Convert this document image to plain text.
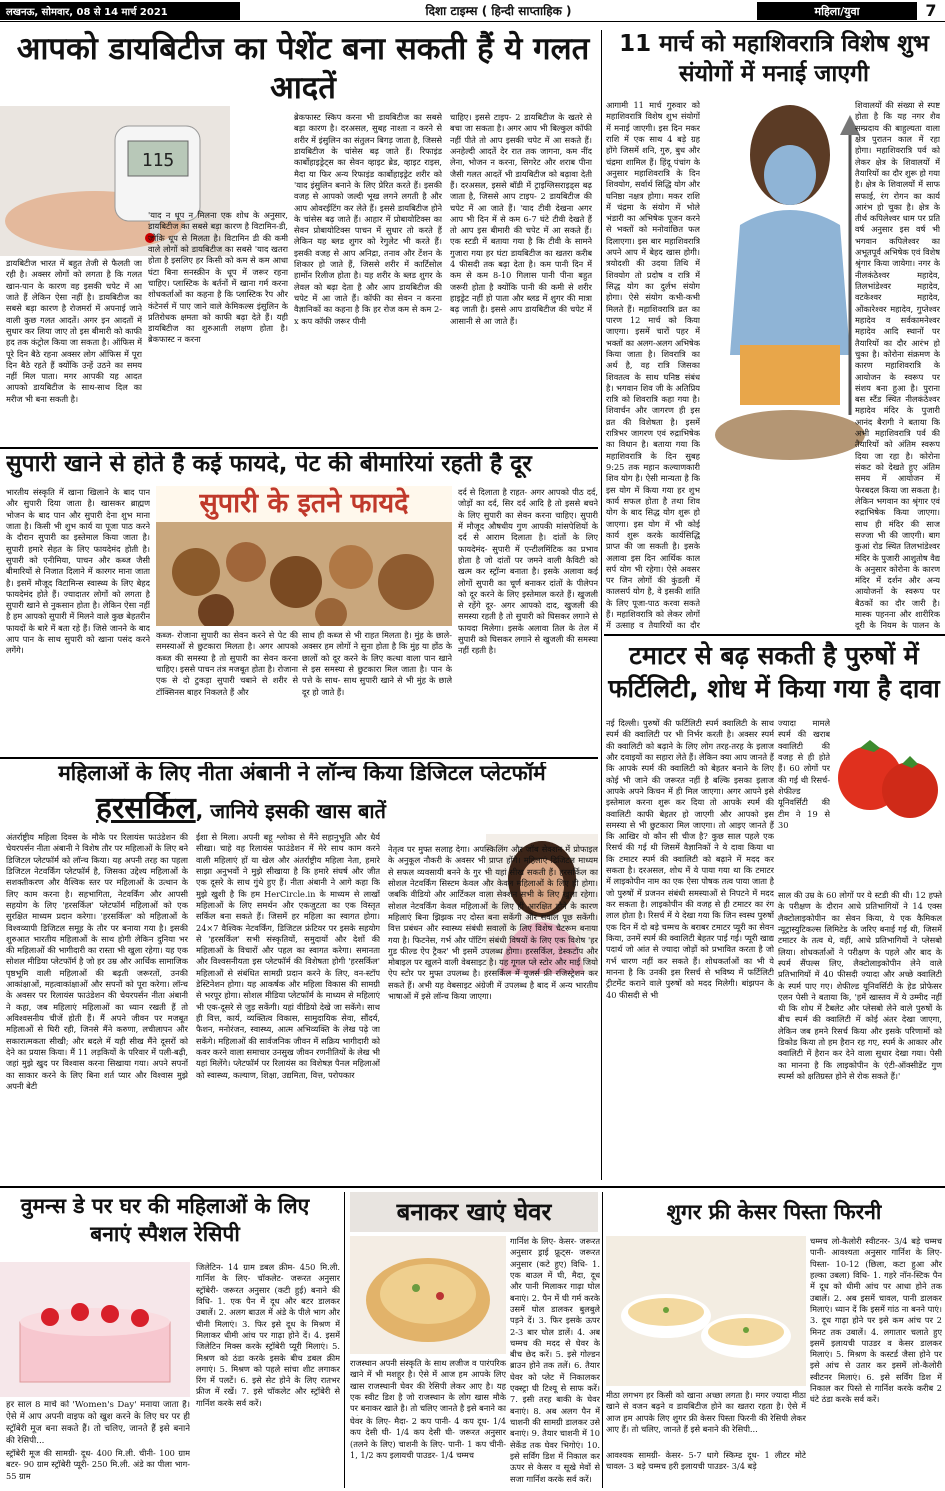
लखनऊ, सोमवार, 08 से 14 मार्च 2021	दिशा टाइम्स ( हिन्दी साप्ताहिक )	महिला/युवा	7
आपको डायबिटीज का पेशेंट बना सकती हैं ये गलत आदतें
115
डायबिटीज भारत में बहुत तेजी से फैलती जा रही है। अक्सर लोगों को लगता है कि गलत खान-पान के कारण वह इसकी चपेट में आ जाते हैं लेकिन ऐसा नहीं है। डायबिटीज का सबसे बड़ा कारण है रोजमर्रा में अपनाई जाने वाली कुछ गलत आदतें। अगर इन आदतों में सुधार कर लिया जाए तो इस बीमारी को काफी हद तक कंट्रोल किया जा सकता है। ऑफिस में पूरे दिन बैठे रहना अक्सर लोग ऑफिस में पूरा दिन बैठे रहते हैं क्योंकि उन्हें उठने का समय नहीं मिल पाता। मगर आपकी यह आदत आपको डायबिटीज के साथ-साथ दिल का मरीज भी बना सकती है।
'याद न धूप न मिलना एक शोध के अनुसार, डायबिटीज का सबसे बड़ा कारण है विटामिन-डी, जोकि धूप से मिलता है। विटामिन डी की कमी वाले लोगों को डायबिटीज का सबसे 'याद खतरा होता है इसलिए हर किसी को कम से कम आधा घंटा बिना सनस्क्रीन के धूप में जरूर रहना चाहिए। प्लास्टिक के बर्तनों में खाना गर्म करना शोधकर्ताओं का कहना है कि प्लास्टिक रैप और कंटेनर्स में पाए जाने वाले केमिकल्स इंसुलिन के प्रतिरोधक क्षमता को काफी बढ़ा देते हैं। यही डायबिटीज का शुरुआती लक्षण होता है। ब्रेकफास्ट न करना
ब्रेकफास्ट स्किप करना भी डायबिटीज का सबसे बड़ा कारण है। दरअसल, सुबह नाश्ता न करने से शरीर में इंसुलिन का संतुलन बिगड़ जाता है, जिससे डायबिटीज के चांसेस बढ़ जाते हैं। रिफाइंड कार्बोहाइड्रेट्स का सेवन व्हाइट ब्रेड, व्हाइट राइस, मैदा या फिर अन्य रिफाइंड कार्बोहाइड्रेट शरीर को 'याद इंसुलिन बनाने के लिए प्रेरित करते हैं। इसकी वजह से आपको जल्दी भूख लगने लगती है और आप ओवरईटिंग कर लेते हैं। इससे डायबिटीज होने के चांसेस बढ़ जाते हैं। आहार में प्रोबायोटिक्स का सेवन प्रोबायोटिक्स पाचन में सुधार तो करते हैं लेकिन यह ब्लड शुगर को रेगुलेट भी करते हैं। इसकी वजह से आप अनिद्रा, तनाव और टेंशन के शिकार हो जाते हैं, जिससे शरीर में कार्टिसोल हार्मोन रिलीज होता है। यह शरीर के ब्लड शुगर के लेवल को बढ़ा देता है और आप डायबिटीज की चपेट में आ जाते हैं। कॉफी का सेवन न करना वैज्ञानिकों का कहना है कि हर रोज कम से कम 2-x कप कॉफी जरूर पीनी
चाहिए। इससे टाइप- 2 डायबिटीज के खतरे से बचा जा सकता है। अगर आप भी बिल्कुल कॉफी नहीं पीते तो आप इसकी चपेट में आ सकते हैं। अनहेल्दी आदतें देर रात तक जागना, कम नींद लेना, भोजन न करना, सिगरेट और शराब पीना जैसी गलत आदतें भी डायबिटीज को बढ़ावा देती हैं। दरअसल, इससे बॉडी में ट्राइग्लिसराइड्स बढ़ जाता है, जिससे आप टाइप- 2 डायबिटीज की चपेट में आ जाते हैं। 'याद टीवी देखना अगर आप भी दिन में से कम 6-7 घंटे टीवी देखते हैं तो आप इस बीमारी की चपेट में आ सकते हैं। एक स्टडी में बताया गया है कि टीवी के सामने गुजारा गया हर घंटा डायबिटीज का खतरा करीब 4 फीसदी तक बढ़ा देता है। कम पानी दिन में कम से कम 8-10 गिलास पानी पीना बहुत जरूरी होता है क्योंकि पानी की कमी से शरीर हाइड्रेट नहीं हो पाता और ब्लड में शुगर की मात्रा बढ़ जाती है। इससे आप डायबिटीज की चपेट में आसानी से आ जाते हैं।
सुपारी खाने से होते है कई फायदे, पेट की बीमारियां रहती है दूर
भारतीय संस्कृति में खाना खिलाने के बाद पान और सुपारी दिया जाता है। खासकर ब्राह्मण भोजन के बाद पान और सुपारी देना शुभ माना जाता है। किसी भी शुभ कार्य या पूजा पाठ करने के दौरान सुपारी का इस्तेमाल किया जाता है। सुपारी हमारे सेहत के लिए फायदेमंद होती है। सुपारी को एनीमिया, पाचन और कब्ज जैसी बीमारियों से निजात दिलाने में कारगर माना जाता है। इसमें मौजूद विटामिन्स स्वास्थ्य के लिए बेहद फायदेमंद होते हैं। ज्यादातर लोगों को लगता है सुपारी खाने से नुकसान होता है। लेकिन ऐसा नहीं है हम आपको सुपारी में मिलने वाले कुछ बेहतरीन फायदों के बारे में बता रहे हैं। जिसे जानने के बाद आप पान के साथ सुपारी को खाना पसंद करने लगेंगे।
सुपारी के इतने फायदे
कब्ज- रोजाना सुपारी का सेवन करने से पेट की समस्याओं से छुटकारा मिलता है। अगर आपको कब्ज की समस्या है तो सुपारी का सेवन करना चाहिए। इससे पाचन तंत्र मजबूत होता है। रोजाना एक से दो टुकड़ा सुपारी चबाने से शरीर से टॉक्सिनस बाहर निकलते हैं और
साथ ही कब्ज से भी राहत मिलता है। मुंह के छाले- अक्सर हम लोगों ने सुना होता है कि मुंह या होंठ के छालों को दूर करने के लिए कत्था वाला पान खाने से इस समस्या से छुटकारा मिल जाता है। पान के पत्ते के साथ- साथ सुपारी खाने से भी मुंह के छाले दूर हो जाते हैं।
दर्द से दिलाता है राहत- अगर आपको पीठ दर्द, जोड़ों का दर्द, सिर दर्द आदि है तो इससे बचने के लिए सुपारी का सेवन करना चाहिए। सुपारी में मौजूद औषधीय गुण आपकी मांसपेशियों के दर्द से आराम दिलाता है। दांतों के लिए फायदेमंद- सुपारी में एन्टीलमिंटिक का प्रभाव होता है जो दांतों पर जमने वाली कैविटी को खत्म कर स्ट्रॉन्ग बनाता है। इसके अलावा कई लोगों सुपारी का चूर्ण बनाकर दांतों के पीलेपन को दूर करने के लिए इस्तेमाल करते हैं। खुजली से रहेंगे दूर- अगर आपको दाद, खुजली की समस्या रहती है तो सुपारी को घिसकर लगाने से फायदा मिलेगा। इसके अलावा तिल के तेल में सुपारी को घिसकर लगाने से खुजली की समस्या नहीं रहती है।
महिलाओं के लिए नीता अंबानी ने लॉन्च किया डिजिटल प्लेटफॉर्म
हरसर्किल, जानिये इसकी खास बातें
अंतर्राष्ट्रीय महिला दिवस के मौके पर रिलायंस फाउंडेशन की चेयरपर्सन नीता अंबानी ने विशेष तौर पर महिलाओं के लिए बने डिजिटल प्लेटफॉर्म को लॉन्च किया। यह अपनी तरह का पहला डिजिटल नेटवर्किंग प्लेटफॉर्म है, जिसका उद्देश्य महिलाओं के सशक्तीकरण और वैश्विक स्तर पर महिलाओं के उत्थान के लिए काम करना है। सहभागिता, नेटवर्किंग और आपसी सहयोग के लिए 'हरसर्किल' प्लेटफॉर्म महिलाओं को एक सुरक्षित माध्यम प्रदान करेगा। 'हरसर्किल' को महिलाओं के विश्वव्यापी डिजिटल समूह के तौर पर बनाया गया है। इसकी शुरुआत भारतीय महिलाओं के साथ होगी लेकिन दुनिया भर की महिलाओं की भागीदारी का रास्ता भी खुला रहेगा। यह एक सोशल मीडिया प्लेटफॉर्म है जो हर उम्र और आर्थिक सामाजिक पृष्ठभूमि वाली महिलाओं की बढ़ती जरूरतों, उनकी आकांक्षाओं, महत्वाकांक्षाओं और सपनों को पूरा करेगा। लॉन्च के अवसर पर रिलायंस फाउंडेशन की चेयरपर्सन नीता अंबानी ने कहा, जब महिलाएं महिलाओं का ध्यान रखती हैं तो अविश्वसनीय चीजें होती हैं। मैं अपने जीवन पर मजबूत महिलाओं से घिरी रही, जिनसे मैंने करुणा, लचीलापन और सकारात्मकता सीखी; और बदले में यही सीख मैंने दूसरों को देने का प्रयास किया। मैं 11 लड़कियों के परिवार में पली-बढ़ी, जहां मुझे खुद पर विश्वास करना सिखाया गया। अपने सपनों का साकार करने के लिए बिना शर्त प्यार और विश्वास मुझे अपनी बेटी
ईशा से मिला। अपनी बहू श्लोका से मैंने सहानुभूति और धैर्य सीखा। चाहे वह रिलायंस फाउंडेशन में मेरे साथ काम करने वाली महिलाएं हों या खेल और अंतर्राष्ट्रीय महिला नेता, हमारे साझा अनुभवों ने मुझे सीखाया है कि हमारे संघर्ष और जीत एक दूसरे के साथ गुंथे हुए हैं। नीता अंबानी ने आगे कहा कि मुझे खुशी है कि हम HerCircle.in के माध्यम से लाखों महिलाओं के लिए समर्थन और एकजुटता का एक विस्तृत सर्किल बना सकते हैं। जिसमें हर महिला का स्वागत होगा। 24×7 वैश्विक नेटवर्किंग, डिजिटल फ्रंटियर पर इसके सहयोग से 'हरसर्किल' सभी संस्कृतियों, समुदायों और देशों की महिलाओं के विचारों और पहल का स्वागत करेगा। समानता और विश्वसनीयता इस प्लेटफॉर्म की विशेषता होगी 'हरसर्किल' महिलाओं से संबंधित सामग्री प्रदान करने के लिए, वन-स्टॉप डेस्टिनेशन होगा। यह आकर्षक और महिला विकास की सामग्री से भरपूर होगा। सोशल मीडिया प्लेटफॉर्म के माध्यम से महिलाएं भी एक-दूसरे से जुड़ सकेंगी। यहां वीडियो देखे जा सकेंगे। साथ ही वित्त, कार्य, व्यक्तित्व विकास, सामुदायिक सेवा, सौंदर्य, फैशन, मनोरंजन, स्वास्थ्य, आत्म अभिव्यक्ति के लेख पढ़े जा सकेंगे। महिलाओं की सार्वजनिक जीवन में सक्रिय भागीदारी को कवर करने वाला समाचार उनसुख जीवन रणनीतियों के लेख भी यहां मिलेंगे। प्लेटफॉर्म पर रिलायंस का विशेषज्ञ पैनल महिलाओं को स्वास्थ्य, कल्याण, शिक्षा, उद्यमिता, वित्त, परोपकार
नेतृत्व पर मुफ्त सलाह देगा। अपस्किलिंग और जॉब सेक्शन में प्रोफाइल के अनुकूल नौकरी के अवसर भी प्राप्त होंगे। महिलाएं डिजिटल माध्यम से सफल व्यवसायी बनने के गुर भी यहां सीख सकती हैं। हरसर्किल का सोशल नेटवर्किंग सिस्टम केवल और केवल महिलाओं के लिए ही होगा। जबकि वीडियो और आर्टिकल वाला सेक्शन सभी के लिए खुला रहेगा। सोशल नेटवर्किंग केवल महिलाओं के लिए ही आरक्षित होने के कारण महिलाएं बिना झिझक नए दोस्त बना सकेंगी और सवाल पूछ सकेंगी। वित्त प्रबंधन और स्वास्थ्य संबंधी सवालों के लिए विशेष चैटरूम बनाया गया है। फिटनेस, गर्भ और पॉटिंग संबंधी विषयों के लिए एक विशेष 'हर गुड फील्ड ऐप ट्रैकर' भी इसमें उपलब्ध होगा। हरसर्किल, डेस्कटॉप और मोबाइल पर खुलने वाली वेबसाइट है। यह गूगल प्ले स्टोर और माई जियो ऐप स्टोर पर मुफ्त उपलब्ध है। हरसर्किल में यूजर्स फ्री रजिस्ट्रेशन कर सकते हैं। अभी यह वेबसाइट अंग्रेजी में उपलब्ध है बाद में अन्य भारतीय भाषाओं में इसे लॉन्च किया जाएगा।
11 मार्च को महाशिवरात्रि विशेष शुभ संयोगों में मनाई जाएगी
आगामी 11 मार्च गुरुवार को महाशिवरात्रि विशेष शुभ संयोगों में मनाई जाएगी। इस दिन मकर राशि में एक साथ 4 बड़े ग्रह होंगे जिसमें शनि, गुरु, बुध और चंद्रमा शामिल हैं। हिंदू पंचांग के अनुसार महाशिवरात्रि के दिन शिवयोग, सर्वार्थ सिद्धि योग और घनिष्ठा नक्षत्र होगा। मकर राशि में चंद्रमा के संयोग में भोले भंडारी का अभिषेक पूजन करने से भक्तों को मनोवांछित फल दिलाएगा। इस बार महाशिवरात्रि अपने आप में बेहद खास होगी। त्रयोदशी की उदया तिथि में शिवयोग तो प्रदोष व रात्रि में सिद्ध योग का दुर्लभ संयोग होगा। ऐसे संयोग कभी-कभी मिलते हैं। महाशिवरात्रि व्रत का पारण 12 मार्च को किया जाएगा। इसमें चारों पहर में भक्तों का अलग-अलग अभिषेक किया जाता है। शिवरात्रि का अर्थ है, वह रात्रि जिसका शिवतत्व के साथ घनिष्ठ संबंध है। भगवान शिव जी के अतिप्रिय रात्रि को शिवरात्रि कहा गया है। शिवार्चन और जागरण ही इस व्रत की विशेषता है। इसमें रात्रिभर जागरण एवं रुद्राभिषेक का विधान है। बताया गया कि महाशिवरात्रि के दिन सुबह 9:25 तक महान कल्याणकारी शिव योग है। ऐसी मान्यता है कि इस योग में किया गया हर शुभ कार्य सफल होता है तथा शिव योग के बाद सिद्ध योग शुरू हो जाएगा। इस योग में भी कोई कार्य शुरू करके कार्यसिद्धि प्राप्त की जा सकती है। इसके अलावा इस दिन आर्थिक काल सर्प योग भी रहेगा। ऐसे अवसर पर जिन लोगों की कुंडली में कालसर्प योग है, वे इसकी शांति के लिए पूजा-पाठ करवा सकते हैं। महाशिवरात्रि को लेकर लोगों में उत्साह व तैयारियों का दौर
शिवालयों की संख्या से स्पष्ट होता है कि यह नगर शैव सम्प्रदाय की बाहुल्यता वाला क्षेत्र पुरातन काल में रहा होगा। महाशिवरात्रि पर्व को लेकर क्षेत्र के शिवालयों में तैयारियों का दौर शुरू हो गया है। क्षेत्र के शिवालयों में साफ सफाई, रंग रोगन का कार्य आरंभ हो चुका है। क्षेत्र के तीर्थ कपिलेश्वर धाम पर प्रति वर्ष अनुसार इस वर्ष भी भगवान कपिलेश्वर का अभूतपूर्व अभिषेक एवं विशेष श्रृंगार किया जायेगा। नगर के नीलकंठेश्वर महादेव, तिलभांडेश्वर महादेव, वटकेश्वर महादेव, ओंकारेश्वर महादेव, गुप्तेश्वर महादेव व सर्वकामनेश्वर महादेव आदि स्थानों पर तैयारियों का दौर आरंभ हो चुका है। कोरोना संक्रमण के कारण महाशिवरात्रि के आयोजन के स्वरूप पर संशय बना हुआ है। पुराना बस स्टैंड स्थित नीलकंठेश्वर महादेव मंदिर के पुजारी आनंद बैरागी ने बताया कि अभी महाशिवरात्रि पर्व की तैयारियों को अंतिम स्वरूप दिया जा रहा है। कोरोना संकट को देखते हुए अंतिम समय में आयोजन में फेरबदल किया जा सकता है। लेकिन भगवान का श्रृंगार एवं रुद्राभिषेक किया जाएगा। साथ ही मंदिर की साज सज्जा भी की जाएगी। बाग कुआं रोड स्थित तिलभांडेश्वर मंदिर के पुजारी आशुतोष वैद्य के अनुसार कोरोना के कारण मंदिर में दर्शन और अन्य आयोजनों के स्वरूप पर बैठकों का दौर जारी है। मास्क पहनना और शारीरिक दूरी के नियम के पालन के
टमाटर से बढ़ सकती है पुरुषों में फर्टिलिटी, शोध में किया गया है दावा
नई दिल्ली। पुरुषों की फर्टिलिटी स्पर्म क्वालिटी के साथ स्पर्म की क्वालिटी पर भी निर्भर करती है। अक्सर स्पर्म की क्वालिटी को बढ़ाने के लिए लोग तरह-तरह के इलाज और दवाइयों का सहारा लेते हैं। लेकिन क्या आप जानते हैं कि आपके स्पर्म की क्वालिटी को बेहतर बनाने के लिए कोई भी जाने की जरूरत नहीं है बल्कि इसका इलाज आपके अपने किचन में ही मिल जाएगा। अगर आपने इसे इस्तेमाल करना शुरू कर दिया तो आपके स्पर्म की क्वालिटी काफी बेहतर हो जाएगी और आपको इस समस्या से भी छुटकारा मिल जाएगा। तो आइए जानते हैं कि आखिर वो कौन सी चीज है? कुछ साल पहले एक रिसर्च की गई थी जिसमें वैज्ञानिकों ने ये दावा किया था कि टमाटर स्पर्म की क्वालिटी को बढ़ाने में मदद कर सकता है। दरअसल, शोध में ये पाया गया था कि टमाटर में लाइकोपीन नाम का एक ऐसा पोषक तत्व पाया जाता है जो पुरुषों में प्रजनन संबंधी समस्याओं से निपटने में मदद कर सकता है। लाइकोपीन की वजह से ही टमाटर का रंग लाल होता है। रिसर्च में ये देखा गया कि जिन स्वस्थ पुरुषों एक दिन में दो बड़े चम्मच के बराबर टमाटर प्यूरी का सेवन किया, उनमें स्पर्म की क्वालिटी बेहतर पाई गई। प्यूरी खाद्य पदार्थ जो आंत से ज्यादा जोड़ों को प्रभावित करता है जो गर्भ धारण नहीं कर सकते हैं। शोधकर्ताओं का भी ये मानना है कि उनकी इस रिसर्च से भविष्य में फर्टिलिटी ट्रीटमेंट कराने वाले पुरुषों को मदद मिलेगी। बांझपन के 40 फीसदी से भी
ज्यादा मामले स्पर्म की खराब क्वालिटी की वजह से ही होते हैं। 60 लोगों पर की गई थी रिसर्च- शेफील्ड यूनिवर्सिटी की टीम ने 19 से 30
साल की उम्र के 60 लोगों पर ये स्टडी की थी। 12 हफ्ते के परीक्षण के दौरान आधे प्रतिभागियों ने 14 एक्स लैक्टोलाइकोपीन का सेवन किया, ये एक कैमिकल न्यूट्रास्युटिकल्स लिमिटेड के जरिए बनाई गई थी, जिसमें टमाटर के तत्व थे, वहीं, आधे प्रतिभागियों ने प्लेसबो लिया। शोधकर्ताओं ने परीक्षण के पहले और बाद के स्पर्म सैंपल्स लिए, लैक्टोलाइकोपीन लेने वाले प्रतिभागियों में 40 फीसदी ज्यादा और अच्छे क्वालिटी के स्पर्म पाए गए। शेफील्ड यूनिवर्सिटी के हेड प्रोफेसर एलन पेसी ने बताया कि, 'हमें खास्तव में ये उम्मीद नहीं थी कि शोध में टैबलेट और प्लेसबो लेने वाले पुरुषों के बीच स्पर्म की क्वालिटी में कोई अंतर देखा जाएगा, लेकिन जब हमने रिसर्च किया और इसके परिणामों को डिकोड किया तो हम हैरान रह गए, स्पर्म के आकार और क्वालिटी में हैरान कर देने वाला सुधार देखा गया। पेसी का मानना है कि लाइकोपीन के एंटी-ऑक्सीडेंट गुण स्पर्म्स को क्षतिग्रस्त होने से रोक सकते हैं।'
वुमन्स डे पर घर की महिलाओं के लिए बनाएं स्पैशल रेसिपी
हर साल 8 मार्च को 'Women's Day' मनाया जाता है। ऐसे में आप अपनी वाइफ को खुश करने के लिए घर पर ही स्ट्रॉबेरी मूज बना सकते हैं। तो चलिए, जानते हैं इसे बनाने की रेसिपी...
स्ट्रॉबेरी मूज की सामग्री- दूध- 400 मि.ली. चीनी- 100 ग्राम बटर- 90 ग्राम स्ट्रॉबेरी प्यूरी- 250 मि.ली. अंडे का पीला भाग- 55 ग्राम
जिलेटिन- 14 ग्राम डबल क्रीम- 450 मि.ली. गार्निश के लिए- चॉकलेट- जरूरत अनुसार स्ट्रॉबेरी- जरूरत अनुसार (कटी हुई) बनाने की विधि- 1. एक पैन में दूध और बटर डालकर उबालें। 2. अलग बाउल में अंडे के पीले भाग और चीनी मिलाएं। 3. फिर इसे दूध के मिश्रण में मिलाकर धीमी आंच पर गाढ़ा होने दें। 4. इसमें जिलेटिन मिक्स करके स्ट्रॉबेरी प्यूरी मिलाएं। 5. मिश्रण को ठंडा करके इसके बीच डबल क्रीम लगाएं। 5. मिश्रण को पहले सांचा शीट लगाकर रिंग में पलटें। 6. इसे सेट होने के लिए रातभर फ्रीज में रखें। 7. इसे चॉकलेट और स्ट्रॉबेरी से गार्निश करके सर्व करें।
बनाकर खाएं घेवर
राजस्थान अपनी संस्कृति के साथ लजीज व पारंपरिक खाने में भी मशहूर है। ऐसे में आज हम आपके लिए खास राजस्थानी घेवर की रेसिपी लेकर आए है। यह एक स्वीट डिश है जो राजस्थान के लोग खास मौके पर बनाकर खाते है। तो चलिए जानते है इसे बनाने का
घेवर के लिए- मैदा- 2 कप पानी- 4 कप दूध- 1/4 कप देसी घी- 1/4 कप देसी घी- जरूरत अनुसार (तलने के लिए) चाशनी के लिए- पानी- 1 कप चीनी- 1, 1/2 कप इलायची पाउडर- 1/4 चम्मच
गार्निश के लिए- केसर- जरूरत अनुसार ड्राई फ्रूट्स- जरूरत अनुसार (कटे हुए) विधि- 1. एक बाउल में घी, मैदा, दूध और पानी मिलाकर गाढ़ा घोल बनाएं। 2. पैन में घी गर्म करके उसमें घोल डालकर बुलबुले पड़ने दें। 3. फिर इसके ऊपर 2-3 बार घोल डालें। 4. अब चम्मच की मदद से घेवर के बीच छेद करें। 5. इसे गोल्डन ब्राउन होने तक तलें। 6. तैयार घेवर को प्लेट में निकालकर एक्स्ट्रा घी टिश्यू से साफ करें। 7. इसी तरह बाकी के घेवर बनाएं। 8. अब अलग पैन में चाशनी की सामग्री डालकर उसे बनाएं। 9. तैयार चाशनी में 10 सेकेंड तक घेवर भिगोएं। 10. इसे सर्विंग डिश में निकाल कर ऊपर से केसर व सूखे मेवों से सजा गार्निश करके सर्व करें।
शुगर फ्री केसर पिस्ता फिरनी
मीठा लगभग हर किसी को खाना अच्छा लगता है। मगर ज्यादा मीठा खाने से वजन बढ़ने व डायबिटीज होने का खतरा रहता है। ऐसे में आज हम आपके लिए शुगर फ्री केसर पिस्ता फिरनी की रेसिपी लेकर आए हैं। तो चलिए, जानते हैं इसे बनाने की रेसिपी...
आवश्यक सामग्री- केसर- 5-7 धागे स्किम्ड दूध- 1 लीटर मोटे चावल- 3 बड़े चम्मच हरी इलायची पाउडर- 3/4 बड़े
चम्मच लो-कैलोरी स्वीटनर- 3/4 बड़े चम्मच पानी- आवश्यता अनुसार गार्निश के लिए- पिस्ता- 10-12 (छिला, कटा हुआ और हल्का उबला) विधि- 1. गहरे नॉन-स्टिक पैन में दूध को धीमी आंच पर आधा होने तक उबालें। 2. अब इसमें चावल, पानी डालकर मिलाएं। ध्यान दें कि इसमें गांठ ना बनने पाएं। 3. दूध गाढ़ा होने पर इसे कम आंच पर 2 मिनट तक उबालें। 4. लगातार चलाते हुए इसमें इलायची पाउडर व केसर डालकर मिलाएं। 5. मिश्रण के कस्टर्ड जैसा होने पर इसे आंच से उतार कर इसमें लो-कैलोरी स्वीटनर मिलाएं। 6. इसे सर्विंग डिश में निकाल कर पिस्ते से गार्निश करके करीब 2 घंटे ठंडा करके सर्व करें।
